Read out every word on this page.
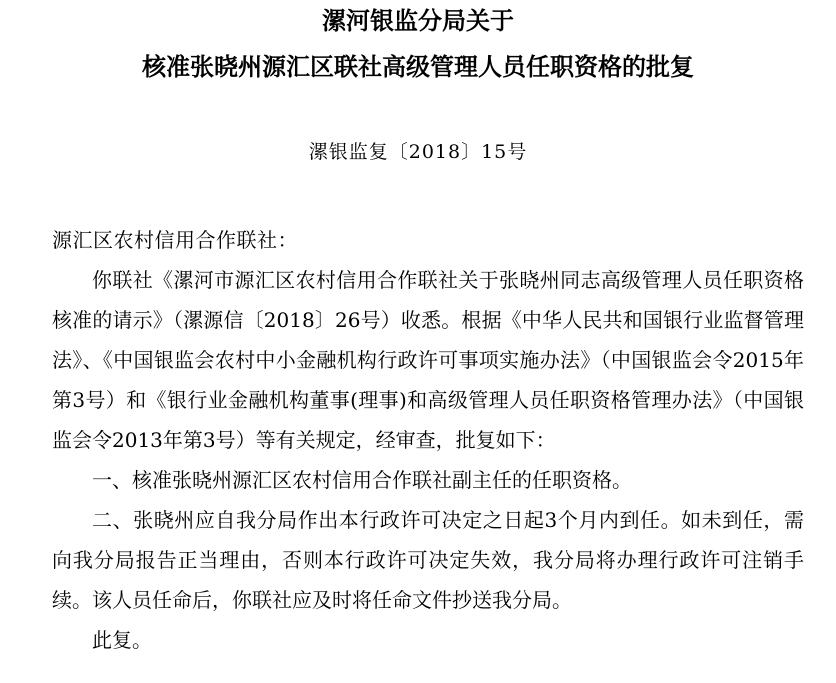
漯河银监分局关于
核准张晓州源汇区联社高级管理人员任职资格的批复
漯银监复〔2018〕15号

源汇区农村信用合作联社：

你联社《漯河市源汇区农村信用合作联社关于张晓州同志高级管理人员任职资格核准的请示》（漯源信〔2018〕26号）收悉。根据《中华人民共和国银行业监督管理法》、《中国银监会农村中小金融机构行政许可事项实施办法》（中国银监会令2015年第3号）和《银行业金融机构董事(理事)和高级管理人员任职资格管理办法》（中国银监会令2013年第3号）等有关规定，经审查，批复如下：

一、核准张晓州源汇区农村信用合作联社副主任的任职资格。

二、张晓州应自我分局作出本行政许可决定之日起3个月内到任。如未到任，需向我分局报告正当理由，否则本行政许可决定失效，我分局将办理行政许可注销手续。该人员任命后，你联社应及时将任命文件抄送我分局。

此复。
